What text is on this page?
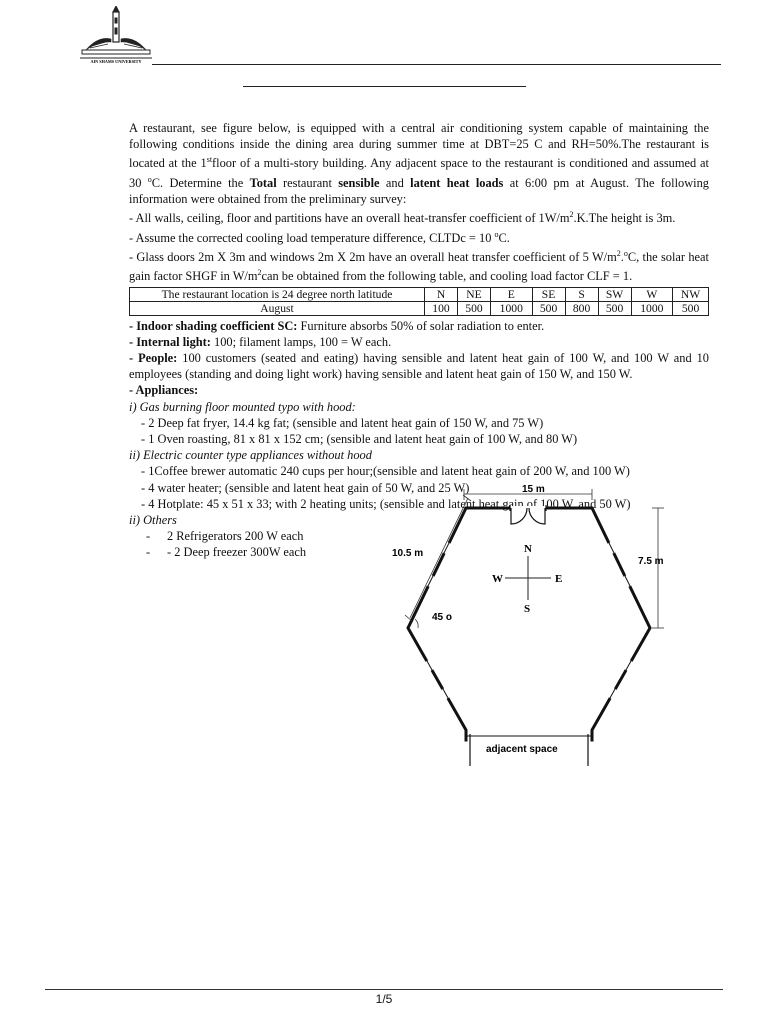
AIN SHAMS UNIVERSITY

A restaurant, see figure below, is equipped with a central air conditioning system capable of maintaining the following conditions inside the dining area during summer time at DBT=25 C and RH=50%.The restaurant is located at the 1stfloor of a multi-story building. Any adjacent space to the restaurant is conditioned and assumed at 30 $^o$C. Determine the Total restaurant sensible and latent heat loads at 6:00 pm at August. The following information were obtained from the preliminary survey:

- All walls, ceiling, floor and partitions have an overall heat-transfer coefficient of $1W/m^2.K.The$ height is 3m.

- Assume the corrected cooling load temperature difference, CLTDc = 10 $^o$C.

- Glass doors 2m X 3m and windows 2m X 2m have an overall heat transfer coefficient of 5 $W/m^2.^oC$, the solar heat gain factor SHGF in $W/m^2can$ be obtained from the following table, and cooling load factor CLF = 1.

The restaurant location is 24 degree north latitude	N	NE	E	SE	S	SW	W	NW
August	100	500	1000	500	800	500	1000	500

- Indoor shading coefficient SC: Furniture absorbs 50% of solar radiation to enter.

- Internal light: 100; filament lamps, 100 = W each.

- People: 100 customers (seated and eating) having sensible and latent heat gain of 100 W, and 100 W and 10 employees (standing and doing light work) having sensible and latent heat gain of 150 W, and 150 W.

- Appliances:

i) Gas burning floor mounted typo with hood:

- 2 Deep fat fryer, 14.4 kg fat; (sensible and latent heat gain of 150 W, and 75 W)

- 1 Oven roasting, 81 x 81 x 152 cm; (sensible and latent heat gain of 100 W, and 80 W)

ii) Electric counter type appliances without hood

- 1Coffee brewer automatic 240 cups per hour;(sensible and latent heat gain of 200 W, and 100 W)

- 4 water heater; (sensible and latent heat gain of 50 W, and 25 W)

- 4 Hotplate: 45 x 51 x 33; with 2 heating units; (sensible and latent heat gain of 100 W, and 50 W)

ii) Others

- 2 Refrigerators 200 W each
- - 2 Deep freezer 300W each
15 m
adjacent space
10.5 m
7.5 m
45 o
N
S
E
W
1/5
